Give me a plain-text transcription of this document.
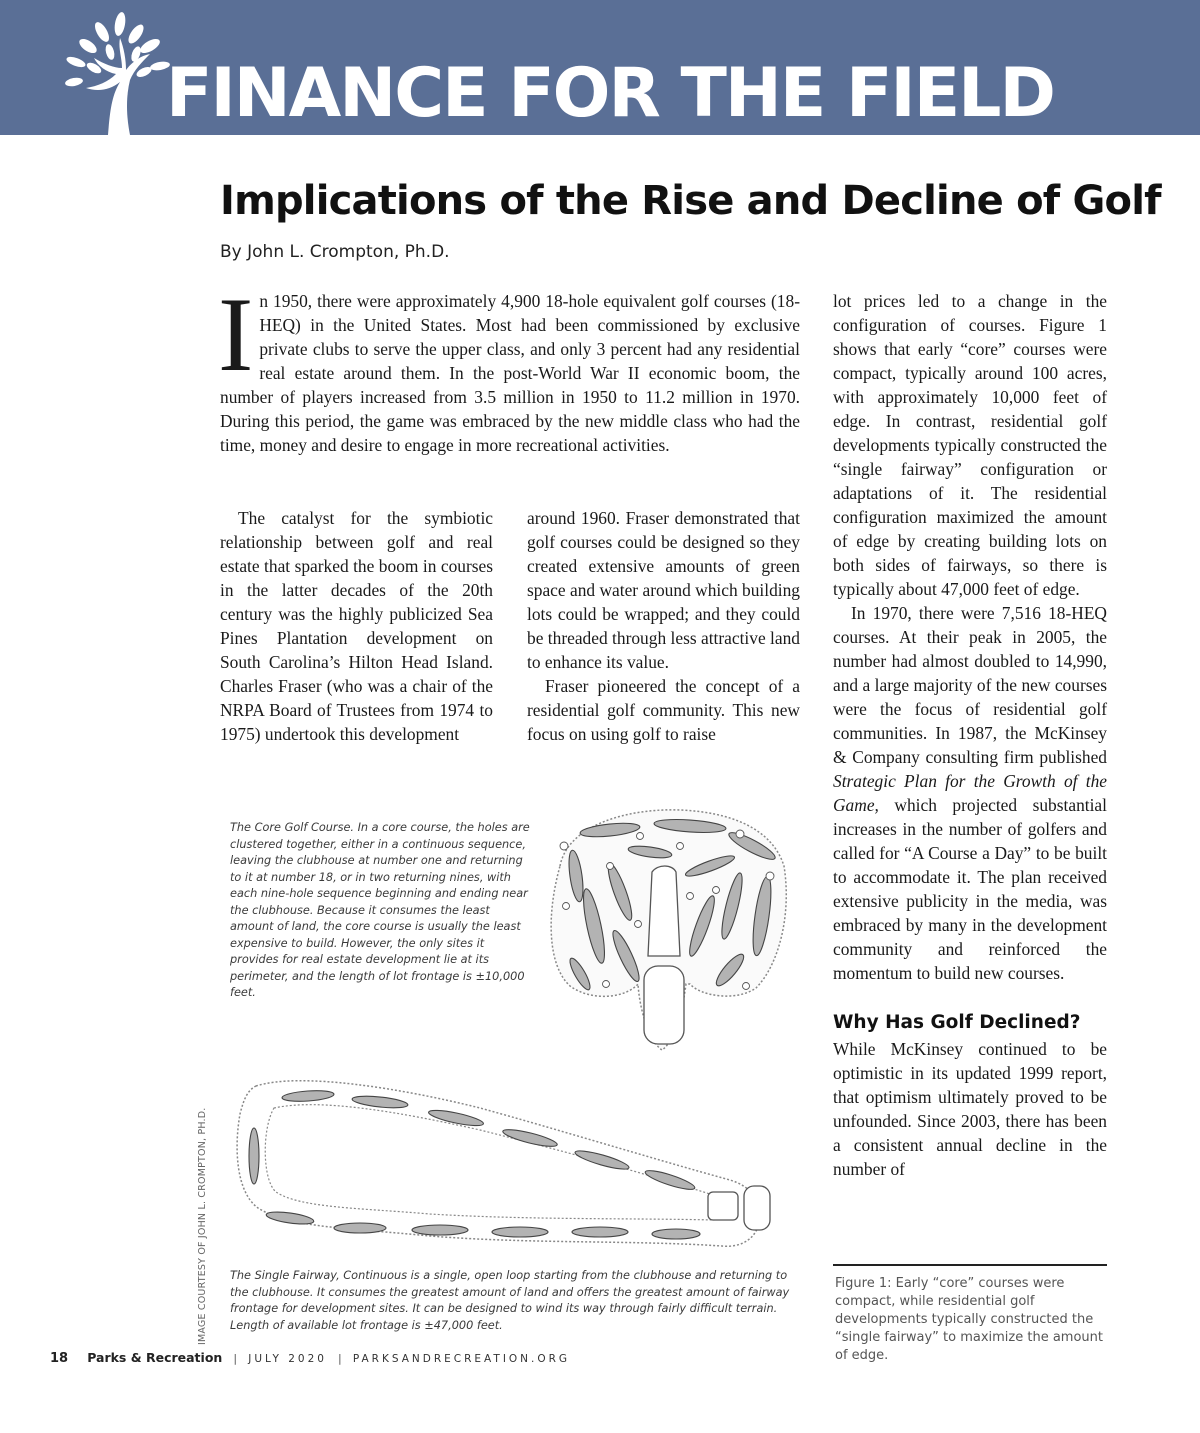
FINANCE FOR THE FIELD
Implications of the Rise and Decline of Golf
By John L. Crompton, Ph.D.

In 1950, there were approximately 4,900 18-hole equivalent golf courses (18-HEQ) in the United States. Most had been commissioned by exclusive private clubs to serve the upper class, and only 3 percent had any residential real estate around them. In the post-World War II economic boom, the number of players increased from 3.5 million in 1950 to 11.2 million in 1970. During this period, the game was embraced by the new middle class who had the time, money and desire to engage in more recreational activities.

The catalyst for the symbiotic relationship between golf and real estate that sparked the boom in courses in the latter decades of the 20th century was the highly publicized Sea Pines Plantation development on South Carolina’s Hilton Head Island. Charles Fraser (who was a chair of the NRPA Board of Trustees from 1974 to 1975) undertook this development

around 1960. Fraser demonstrated that golf courses could be designed so they created extensive amounts of green space and water around which building lots could be wrapped; and they could be threaded through less attractive land to enhance its value.

Fraser pioneered the concept of a residential golf community. This new focus on using golf to raise

lot prices led to a change in the configuration of courses. Figure 1 shows that early “core” courses were compact, typically around 100 acres, with approximately 10,000 feet of edge. In contrast, residential golf developments typically constructed the “single fairway” configuration or adaptations of it. The residential configuration maximized the amount of edge by creating building lots on both sides of fairways, so there is typically about 47,000 feet of edge.

In 1970, there were 7,516 18-HEQ courses. At their peak in 2005, the number had almost doubled to 14,990, and a large majority of the new courses were the focus of residential golf communities. In 1987, the McKinsey & Company consulting firm published Strategic Plan for the Growth of the Game, which projected substantial increases in the number of golfers and called for “A Course a Day” to be built to accommodate it. The plan received extensive publicity in the media, was embraced by many in the development community and reinforced the momentum to build new courses.

Why Has Golf Declined?

While McKinsey continued to be optimistic in its updated 1999 report, that optimism ultimately proved to be unfounded. Since 2003, there has been a consistent annual decline in the number of

The Core Golf Course. In a core course, the holes are clustered together, either in a continuous sequence, leaving the clubhouse at number one and returning to it at number 18, or in two returning nines, with each nine-hole sequence beginning and ending near the clubhouse. Because it consumes the least amount of land, the core course is usually the least expensive to build. However, the only sites it provides for real estate development lie at its perimeter, and the length of lot frontage is ±10,000 feet.
The Single Fairway, Continuous is a single, open loop starting from the clubhouse and returning to the clubhouse. It consumes the greatest amount of land and offers the greatest amount of fairway frontage for development sites. It can be designed to wind its way through fairly difficult terrain. Length of available lot frontage is ±47,000 feet.
IMAGE COURTESY OF JOHN L. CROMPTON, PH.D.	Figure 1: Early “core” courses were compact, while residential golf developments typically constructed the “single fairway” to maximize the amount of edge.
18 Parks & Recreation | JULY 2020 | PARKSANDRECREATION.ORG
